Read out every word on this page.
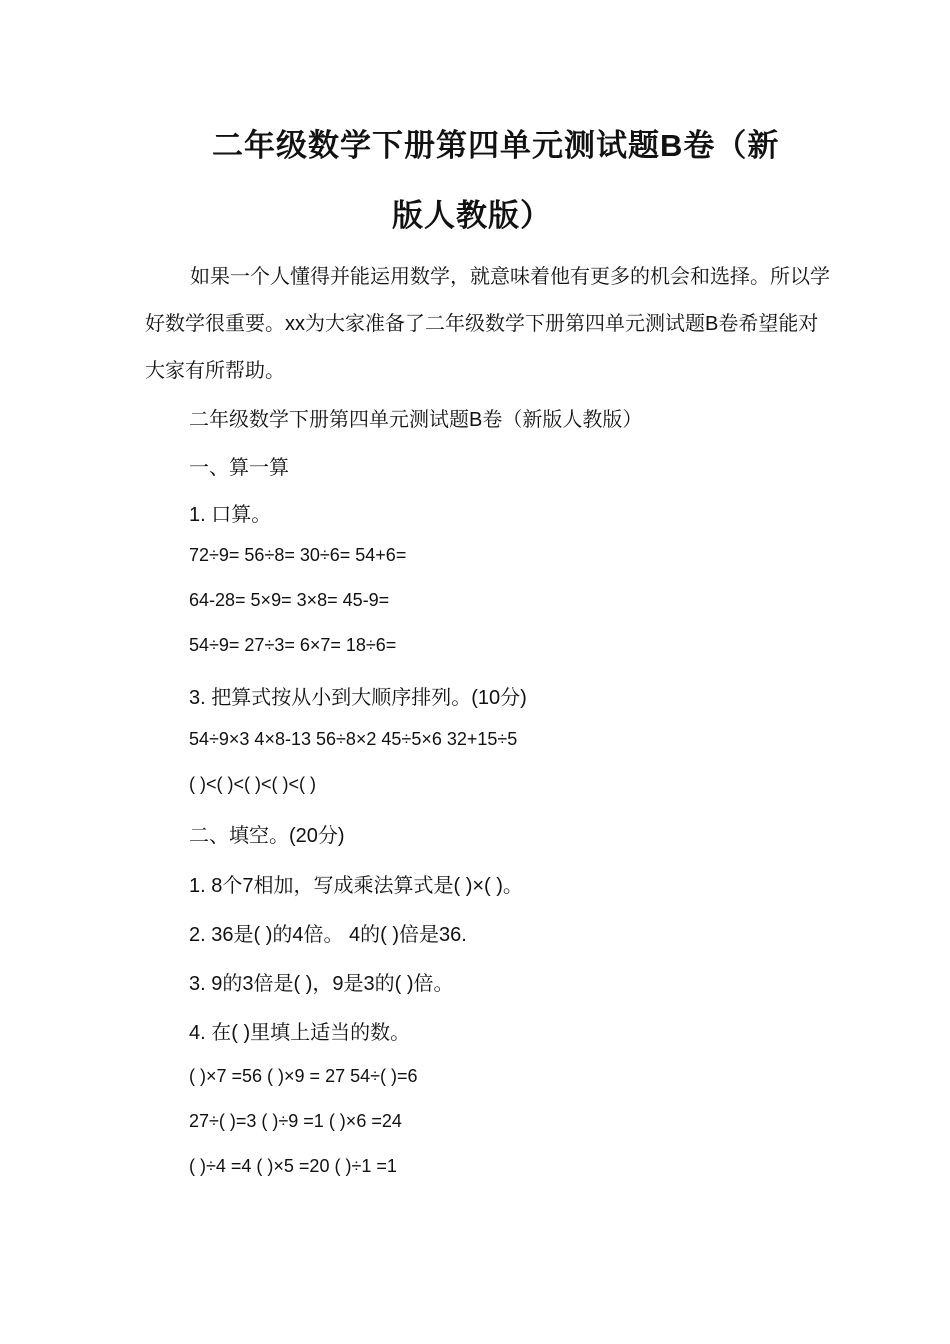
二年级数学下册第四单元测试题B卷（新
版人教版）
如果一个人懂得并能运用数学，就意味着他有更多的机会和选择。所以学好数学很重要。xx为大家准备了二年级数学下册第四单元测试题B卷希望能对大家有所帮助。
二年级数学下册第四单元测试题B卷（新版人教版）
一、算一算
1. 口算。
72÷9= 56÷8= 30÷6= 54+6=
64-28= 5×9= 3×8= 45-9=
54÷9= 27÷3= 6×7= 18÷6=
3. 把算式按从小到大顺序排列。(10分)
54÷9×3 4×8-13 56÷8×2 45÷5×6 32+15÷5
( )<( )<( )<( )<( )
二、填空。(20分)
1. 8个7相加，写成乘法算式是( )×( )。
2. 36是( )的4倍。 4的( )倍是36.
3. 9的3倍是( )，9是3的( )倍。
4. 在( )里填上适当的数。
( )×7 =56 ( )×9 = 27 54÷( )=6
27÷( )=3 ( )÷9 =1 ( )×6 =24
( )÷4 =4 ( )×5 =20 ( )÷1 =1
